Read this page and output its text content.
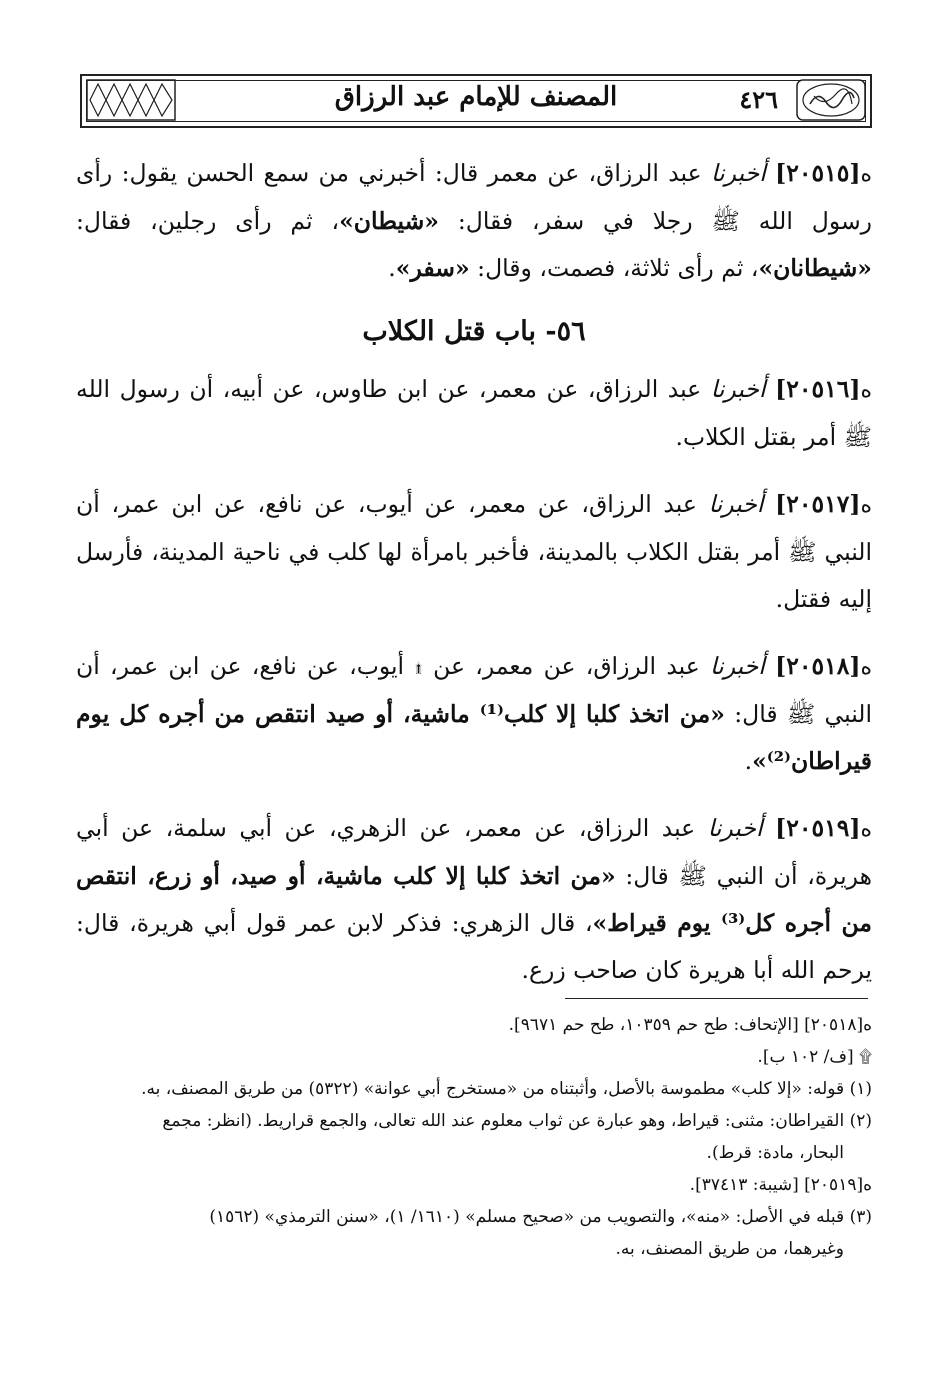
المصنف للإمام عبد الرزاق	٤٢٦

ه[٢٠٥١٥] أخبرنا عبد الرزاق، عن معمر قال: أخبرني من سمع الحسن يقول: رأى رسول الله ﷺ رجلا في سفر، فقال: «شيطان»، ثم رأى رجلين، فقال: «شيطانان»، ثم رأى ثلاثة، فصمت، وقال: «سفر».

٥٦- باب قتل الكلاب

ه[٢٠٥١٦] أخبرنا عبد الرزاق، عن معمر، عن ابن طاوس، عن أبيه، أن رسول الله ﷺ أمر بقتل الكلاب.

ه[٢٠٥١٧] أخبرنا عبد الرزاق، عن معمر، عن أيوب، عن نافع، عن ابن عمر، أن النبي ﷺ أمر بقتل الكلاب بالمدينة، فأخبر بامرأة لها كلب في ناحية المدينة، فأرسل إليه فقتل.

ه[٢٠٥١٨] أخبرنا عبد الرزاق، عن معمر، عن ۩ أيوب، عن نافع، عن ابن عمر، أن النبي ﷺ قال: «من اتخذ كلبا إلا كلب⁽¹⁾ ماشية، أو صيد انتقص من أجره كل يوم قيراطان⁽²⁾».

ه[٢٠٥١٩] أخبرنا عبد الرزاق، عن معمر، عن الزهري، عن أبي سلمة، عن أبي هريرة، أن النبي ﷺ قال: «من اتخذ كلبا إلا كلب ماشية، أو صيد، أو زرع، انتقص من أجره كل⁽³⁾ يوم قيراط»، قال الزهري: فذكر لابن عمر قول أبي هريرة، قال: يرحم الله أبا هريرة كان صاحب زرع.

ه[٢٠٥١٨] [الإتحاف: طح حم ١٠٣٥٩، طح حم ٩٦٧١].

۩ [ف/ ١٠٢ ب].

(١) قوله: «إلا كلب» مطموسة بالأصل، وأثبتناه من «مستخرج أبي عوانة» (٥٣٢٢) من طريق المصنف، به.

(٢) القيراطان: مثنى: قيراط، وهو عبارة عن ثواب معلوم عند الله تعالى، والجمع قراريط. (انظر: مجمع

البحار، مادة: قرط).

ه[٢٠٥١٩] [شيبة: ٣٧٤١٣].

(٣) قبله في الأصل: «منه»، والتصويب من «صحيح مسلم» (١٦١٠/ ١)، «سنن الترمذي» (١٥٦٢)

وغيرهما، من طريق المصنف، به.
